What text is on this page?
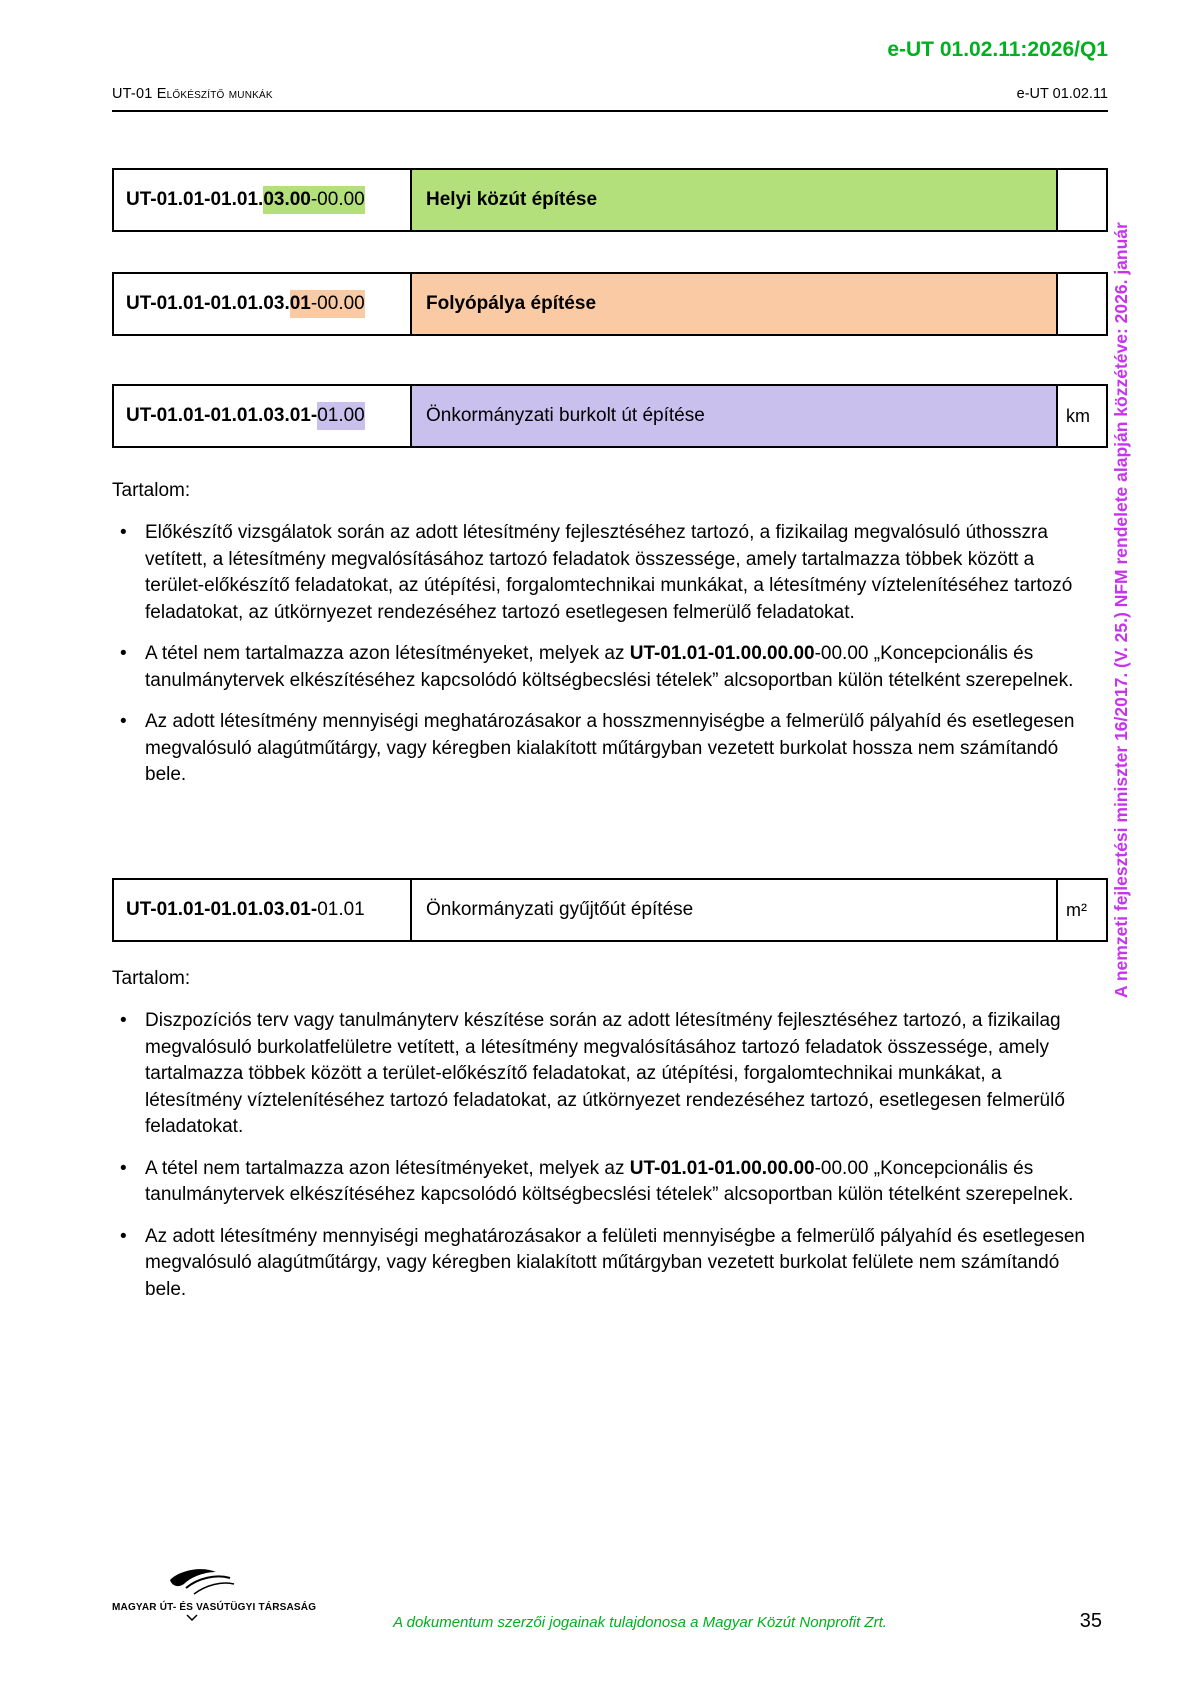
e-UT 01.02.11:2026/Q1
UT-01 Előkészítő munkák	e-UT 01.02.11
UT-01.01-01.01. 03.00 -00.00	Helyi közút építése
UT-01.01-01.01.03. 01 -00.00	Folyópálya építése
UT-01.01-01.01.03.01- 01.00	Önkormányzati burkolt út építése	km
Tartalom:
• Előkészítő vizsgálatok során az adott létesítmény fejlesztéséhez tartozó, a fizikailag megvalósuló úthosszra vetített, a létesítmény megvalósításához tartozó feladatok összessége, amely tartalmazza többek között a terület-előkészítő feladatokat, az útépítési, forgalomtechnikai munkákat, a létesítmény víztelenítéséhez tartozó feladatokat, az útkörnyezet rendezéséhez tartozó esetlegesen felmerülő feladatokat.
• A tétel nem tartalmazza azon létesítményeket, melyek az UT-01.01-01.00.00.00-00.00 „Koncepcionális és tanulmánytervek elkészítéséhez kapcsolódó költségbecslési tételek” alcsoportban külön tételként szerepelnek.
• Az adott létesítmény mennyiségi meghatározásakor a hosszmennyiségbe a felmerülő pályahíd és esetlegesen megvalósuló alagútműtárgy, vagy kéregben kialakított műtárgyban vezetett burkolat hossza nem számítandó bele.
UT-01.01-01.01.03.01- 01.01	Önkormányzati gyűjtőút építése	m²
Tartalom:
• Diszpozíciós terv vagy tanulmányterv készítése során az adott létesítmény fejlesztéséhez tartozó, a fizikailag megvalósuló burkolatfelületre vetített, a létesítmény megvalósításához tartozó feladatok összessége, amely tartalmazza többek között a terület-előkészítő feladatokat, az útépítési, forgalomtechnikai munkákat, a létesítmény víztelenítéséhez tartozó feladatokat, az útkörnyezet rendezéséhez tartozó, esetlegesen felmerülő feladatokat.
• A tétel nem tartalmazza azon létesítményeket, melyek az UT-01.01-01.00.00.00-00.00 „Koncepcionális és tanulmánytervek elkészítéséhez kapcsolódó költségbecslési tételek” alcsoportban külön tételként szerepelnek.
• Az adott létesítmény mennyiségi meghatározásakor a felületi mennyiségbe a felmerülő pályahíd és esetlegesen megvalósuló alagútműtárgy, vagy kéregben kialakított műtárgyban vezetett burkolat felülete nem számítandó bele.
A nemzeti fejlesztési miniszter 16/2017. (V. 25.) NFM rendelete alapján közzétéve: 2026. január
MAGYAR ÚT- ÉS VASÚTÜGYI TÁRSASÁG
A dokumentum szerzői jogainak tulajdonosa a Magyar Közút Nonprofit Zrt.	35
